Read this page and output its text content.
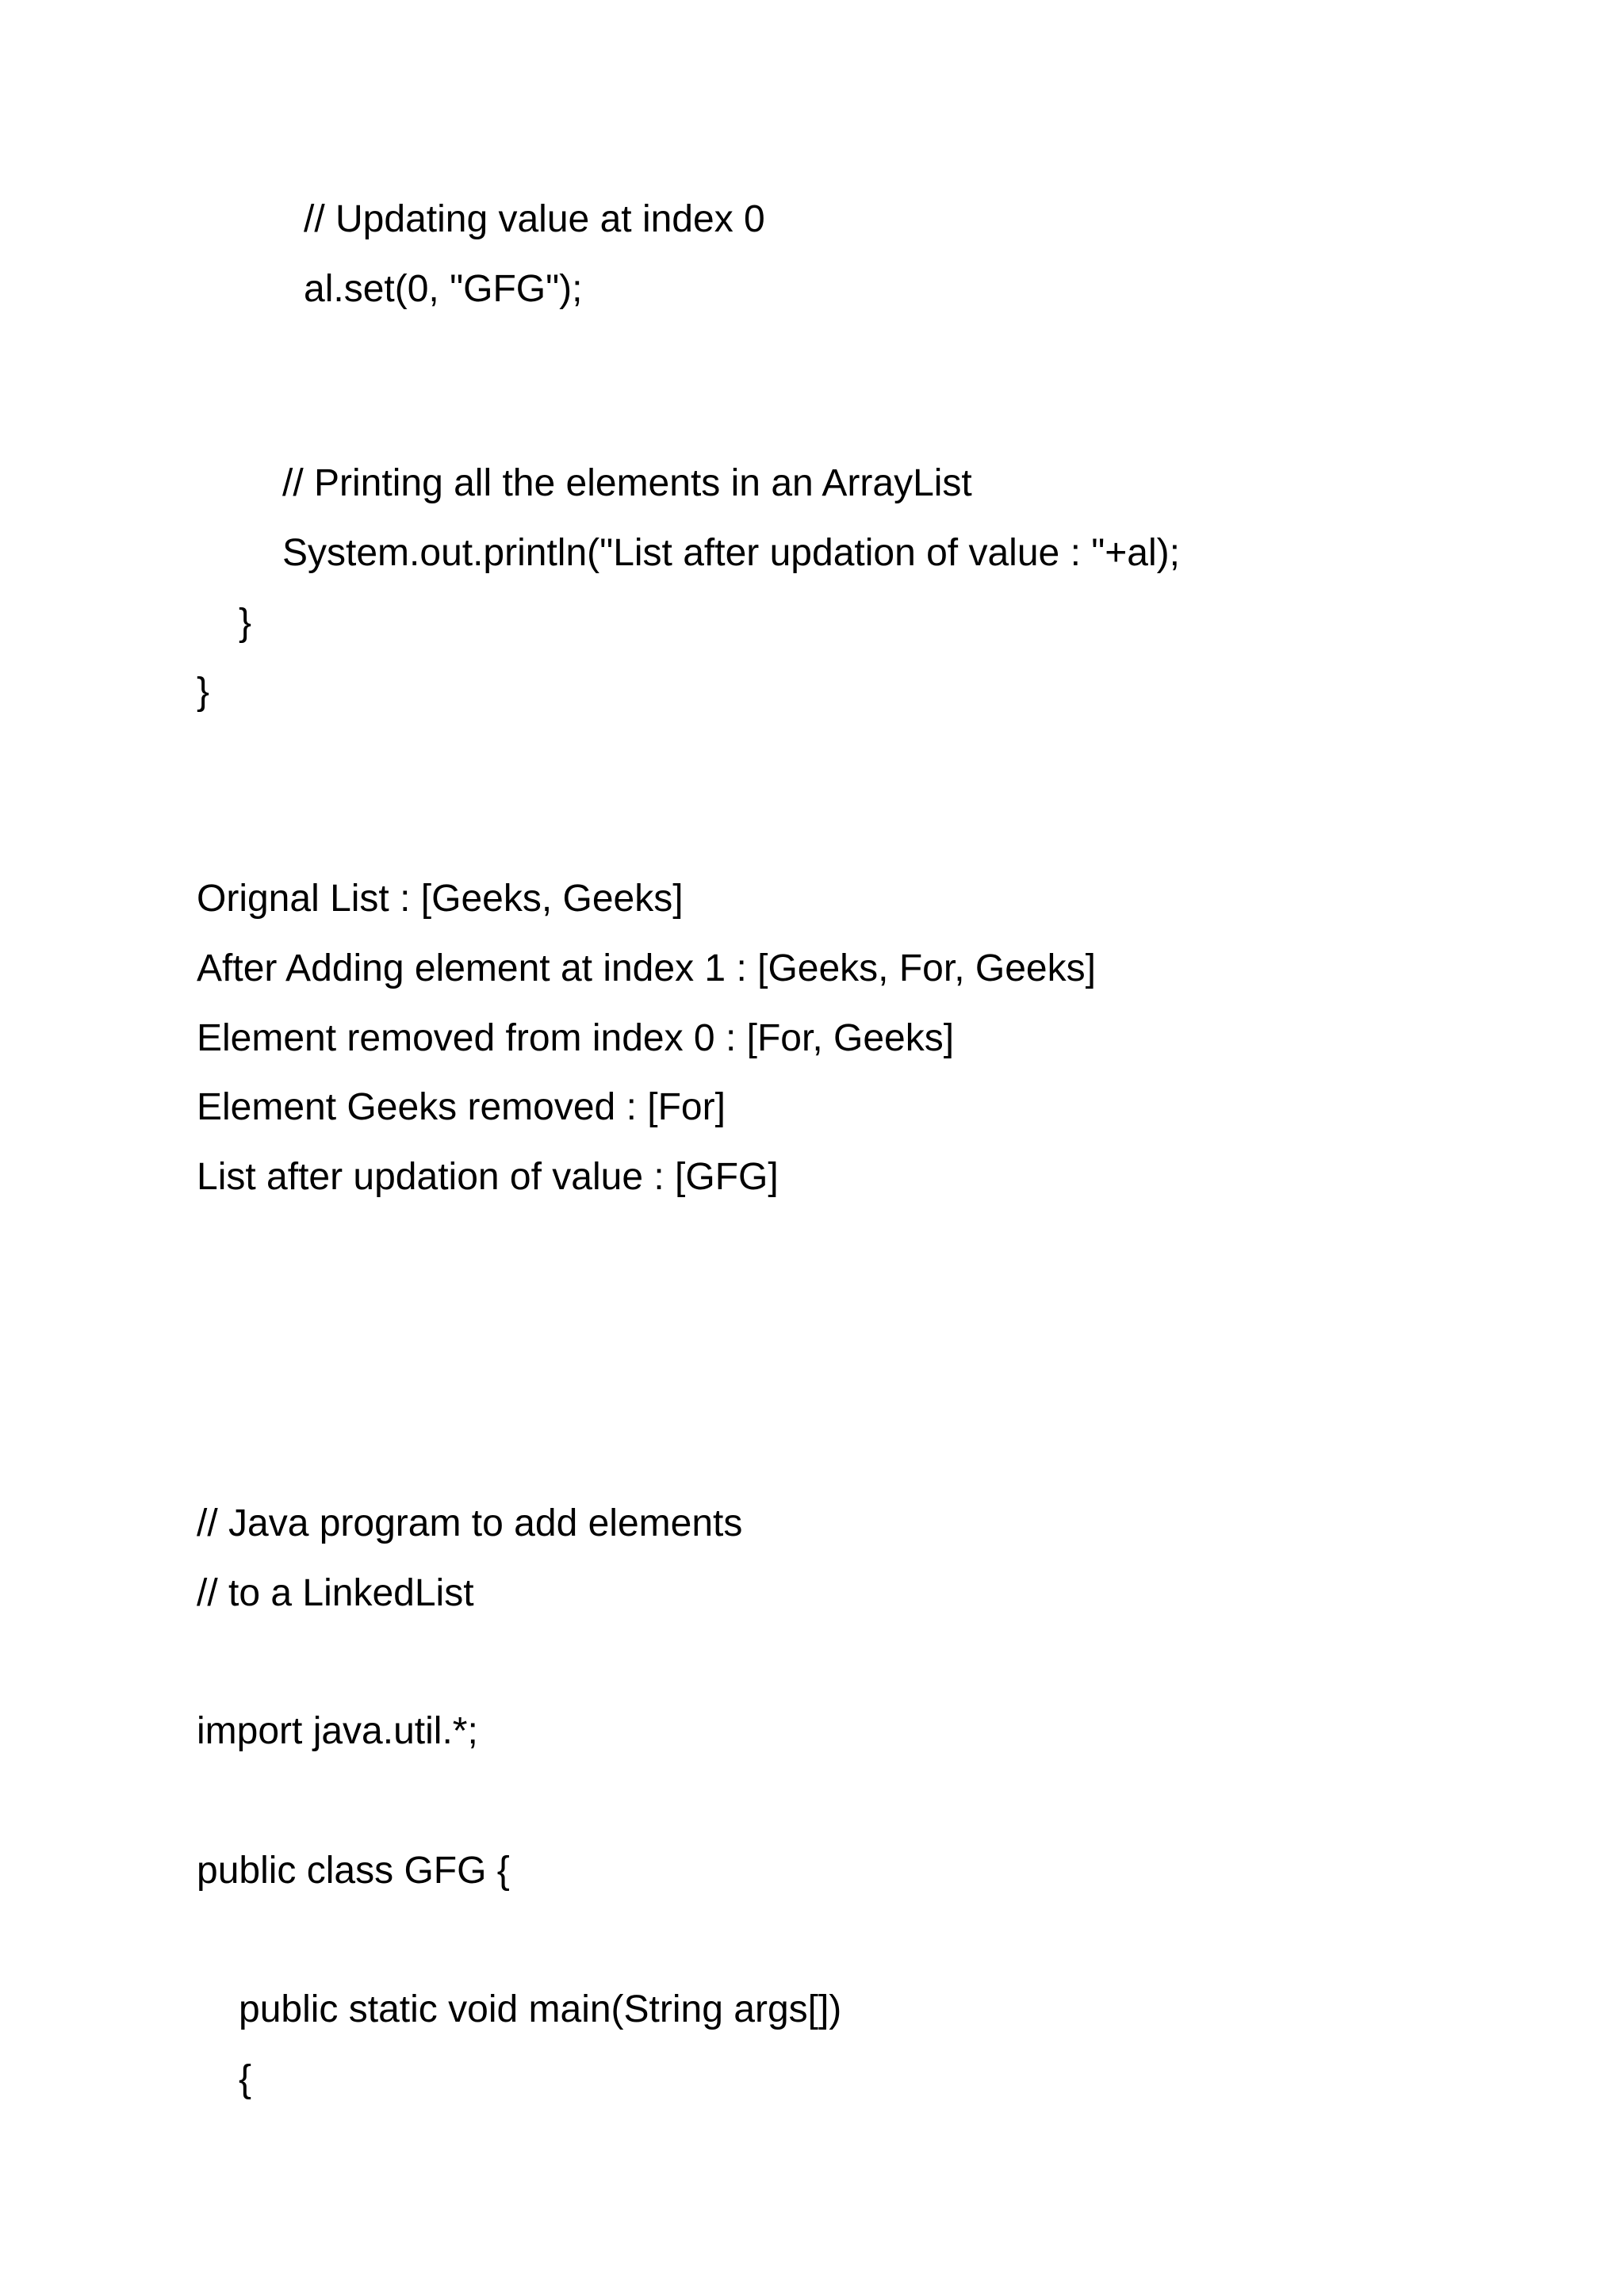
// Updating value at index 0

al.set(0, "GFG");

// Printing all the elements in an ArrayList

System.out.println("List after updation of value : "+al);

}

}

Orignal List : [Geeks, Geeks]

After Adding element at index 1 : [Geeks, For, Geeks]

Element removed from index 0 : [For, Geeks]

Element Geeks removed : [For]

List after updation of value : [GFG]

// Java program to add elements

// to a LinkedList

import java.util.*;

public class GFG {

public static void main(String args[])

{
